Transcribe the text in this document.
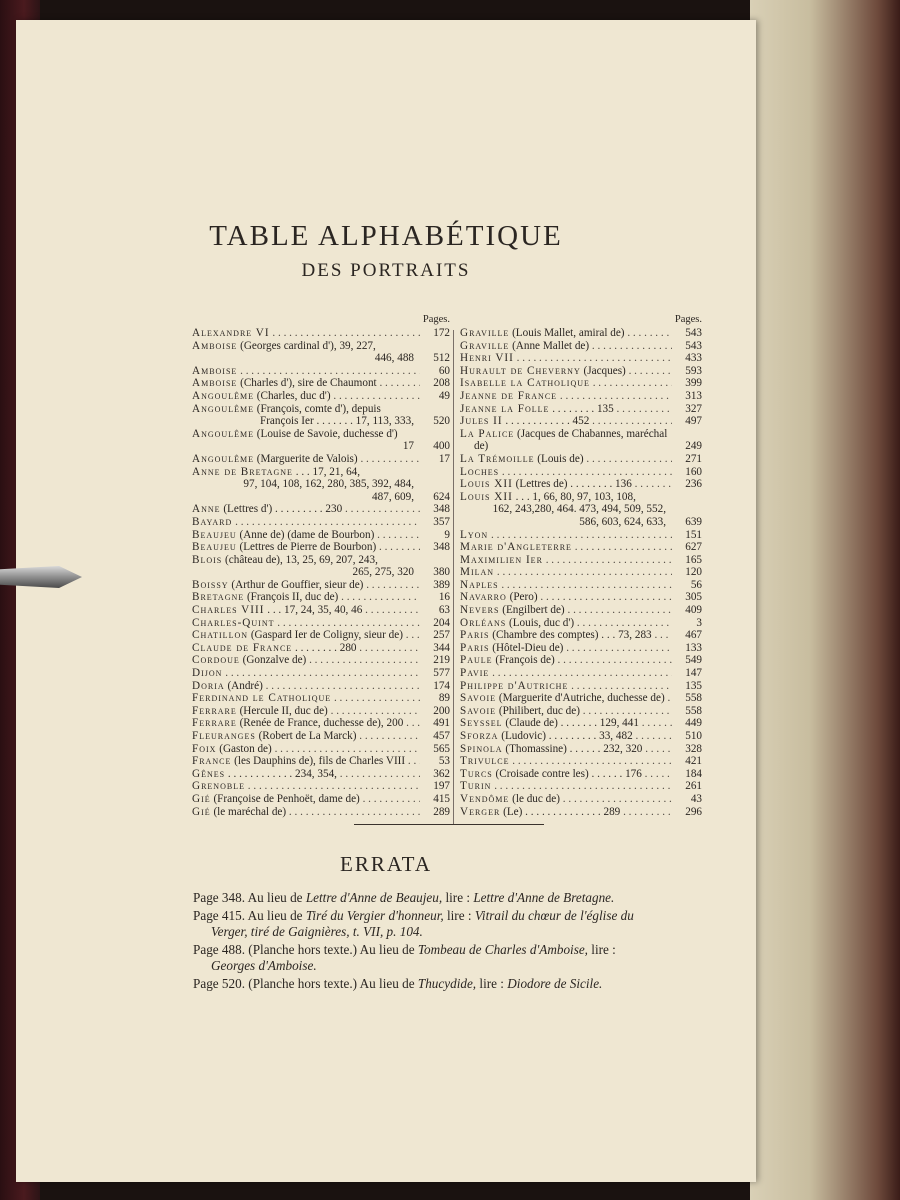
TABLE ALPHABÉTIQUE
DES PORTRAITS
Pages.
Alexandre VI . . .	172
Amboise (Georges cardinal d'), 39, 227,
446, 488	512
Amboise . . .	60
Amboise (Charles d'), sire de Chaumont . . .	208
Angoulême (Charles, duc d') . . .	49
Angoulême (François, comte d'), depuis
François Ier . . . . . . . 17, 113, 333,	520
Angoulême (Louise de Savoie, duchesse d')
17	400
Angoulême (Marguerite de Valois) . . .	17
Anne de Bretagne . . . 17, 21, 64,
97, 104, 108, 162, 280, 385, 392, 484,
487, 609,	624
Anne (Lettres d') . . . . . . . . . 230 . . .	348
Bayard . . .	357
Beaujeu (Anne de) (dame de Bourbon) . . .	9
Beaujeu (Lettres de Pierre de Bourbon) . . .	348
Blois (château de), 13, 25, 69, 207, 243,
265, 275, 320	380
Boissy (Arthur de Gouffier, sieur de) . . .	389
Bretagne (François II, duc de) . . .	16
Charles VIII . . . 17, 24, 35, 40, 46 . . .	63
Charles-Quint . . .	204
Chatillon (Gaspard Ier de Coligny, sieur de) . . .	257
Claude de France . . . . . . . . 280 . . .	344
Cordoue (Gonzalve de) . . .	219
Dijon . . .	577
Doria (André) . . .	174
Ferdinand le Catholique . . .	89
Ferrare (Hercule II, duc de) . . .	200
Ferrare (Renée de France, duchesse de), 200 . . .	491
Fleuranges (Robert de La Marck) . . .	457
Foix (Gaston de) . . .	565
France (les Dauphins de), fils de Charles VIII . . .	53
Gênes . . . . . . . . . . . . 234, 354, . . .	362
Grenoble . . .	197
Gié (Françoise de Penhoët, dame de) . . .	415
Gié (le maréchal de) . . .	289
Pages.
Graville (Louis Mallet, amiral de) . . .	543
Graville (Anne Mallet de) . . .	543
Henri VII . . .	433
Hurault de Cheverny (Jacques) . . .	593
Isabelle la Catholique . . .	399
Jeanne de France . . .	313
Jeanne la Folle . . . . . . . . 135 . . .	327
Jules II . . . . . . . . . . . . 452 . . .	497
La Palice (Jacques de Chabannes, maréchal
de)	249
La Trémoille (Louis de) . . .	271
Loches . . .	160
Louis XII (Lettres de) . . . . . . . . 136 . . .	236
Louis XII . . . 1, 66, 80, 97, 103, 108,
162, 243,280, 464. 473, 494, 509, 552,
586, 603, 624, 633,	639
Lyon . . .	151
Marie d'Angleterre . . .	627
Maximilien Ier . . .	165
Milan . . .	120
Naples . . .	56
Navarro (Pero) . . .	305
Nevers (Engilbert de) . . .	409
Orléans (Louis, duc d') . . .	3
Paris (Chambre des comptes) . . . 73, 283 . . .	467
Paris (Hôtel-Dieu de) . . .	133
Paule (François de) . . .	549
Pavie . . .	147
Philippe d'Autriche . . .	135
Savoie (Marguerite d'Autriche, duchesse de) . . .	558
Savoie (Philibert, duc de) . . .	558
Seyssel (Claude de) . . . . . . . 129, 441 . . .	449
Sforza (Ludovic) . . . . . . . . . 33, 482 . . .	510
Spinola (Thomassine) . . . . . . 232, 320 . . .	328
Trivulce . . .	421
Turcs (Croisade contre les) . . . . . . 176 . . .	184
Turin . . .	261
Vendôme (le duc de) . . .	43
Verger (Le) . . . . . . . . . . . . . . 289 . . .	296
ERRATA

Page 348. Au lieu de Lettre d'Anne de Beaujeu, lire : Lettre d'Anne de Bretagne.

Page 415. Au lieu de Tiré du Vergier d'honneur, lire : Vitrail du chœur de l'église du
Verger, tiré de Gaignières, t. VII, p. 104.

Page 488. (Planche hors texte.) Au lieu de Tombeau de Charles d'Amboise, lire :
Georges d'Amboise.

Page 520. (Planche hors texte.) Au lieu de Thucydide, lire : Diodore de Sicile.
